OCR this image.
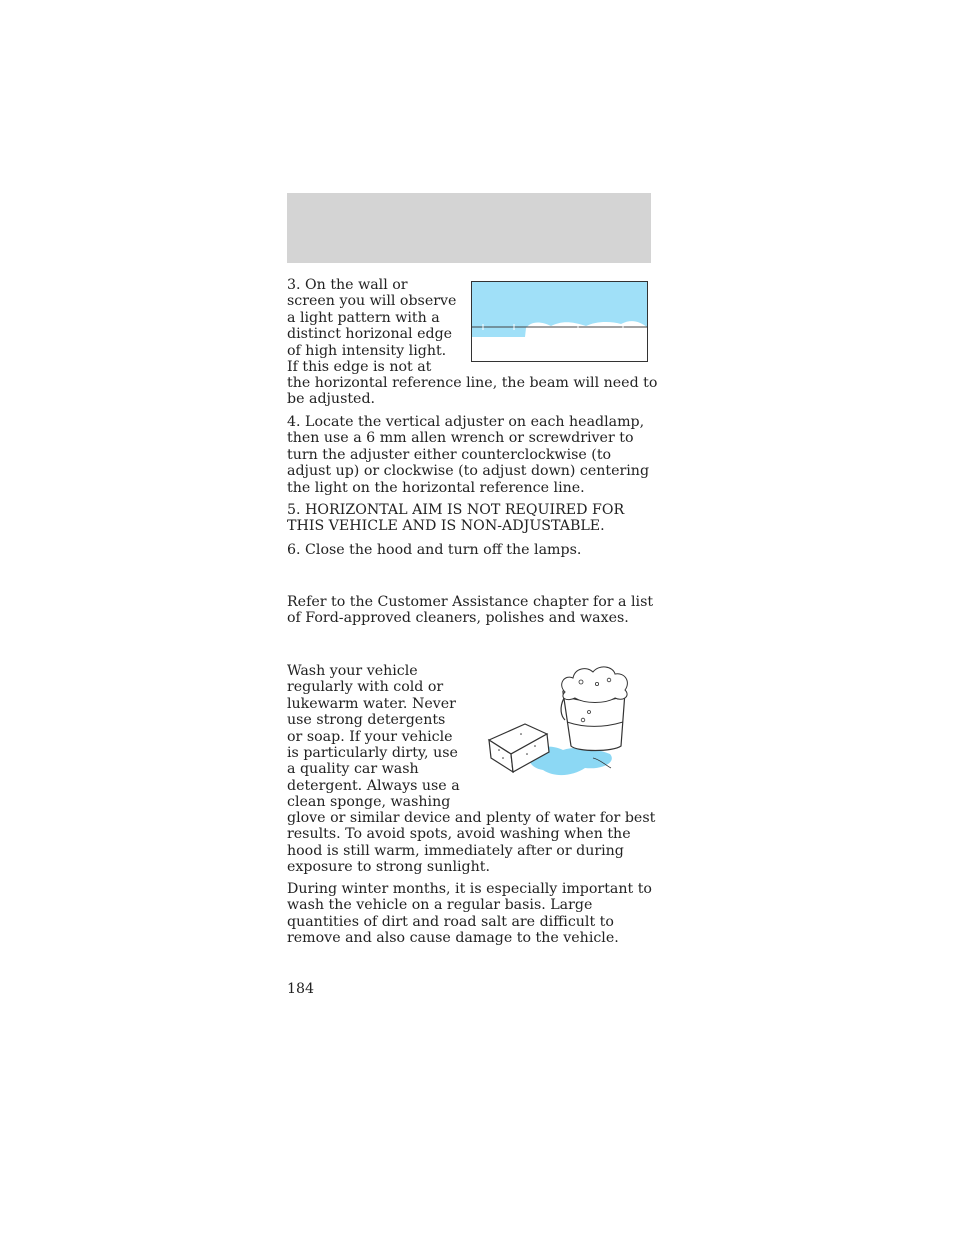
3. On the wall or
screen you will observe
a light pattern with a
distinct horizonal edge
of high intensity light.
If this edge is not at

the horizontal reference line, the beam will need to be adjusted.

4. Locate the vertical adjuster on each headlamp, then use a 6 mm allen wrench or screwdriver to turn the adjuster either counterclockwise (to adjust up) or clockwise (to adjust down) centering the light on the horizontal reference line.

5. HORIZONTAL AIM IS NOT REQUIRED FOR THIS VEHICLE AND IS NON-ADJUSTABLE.

6. Close the hood and turn off the lamps.

Refer to the Customer Assistance chapter for a list of Ford-approved cleaners, polishes and waxes.

Wash your vehicle
regularly with cold or
lukewarm water. Never
use strong detergents
or soap. If your vehicle
is particularly dirty, use
a quality car wash
detergent. Always use a
clean sponge, washing

glove or similar device and plenty of water for best results. To avoid spots, avoid washing when the hood is still warm, immediately after or during exposure to strong sunlight.

During winter months, it is especially important to wash the vehicle on a regular basis. Large quantities of dirt and road salt are difficult to remove and also cause damage to the vehicle.

184
